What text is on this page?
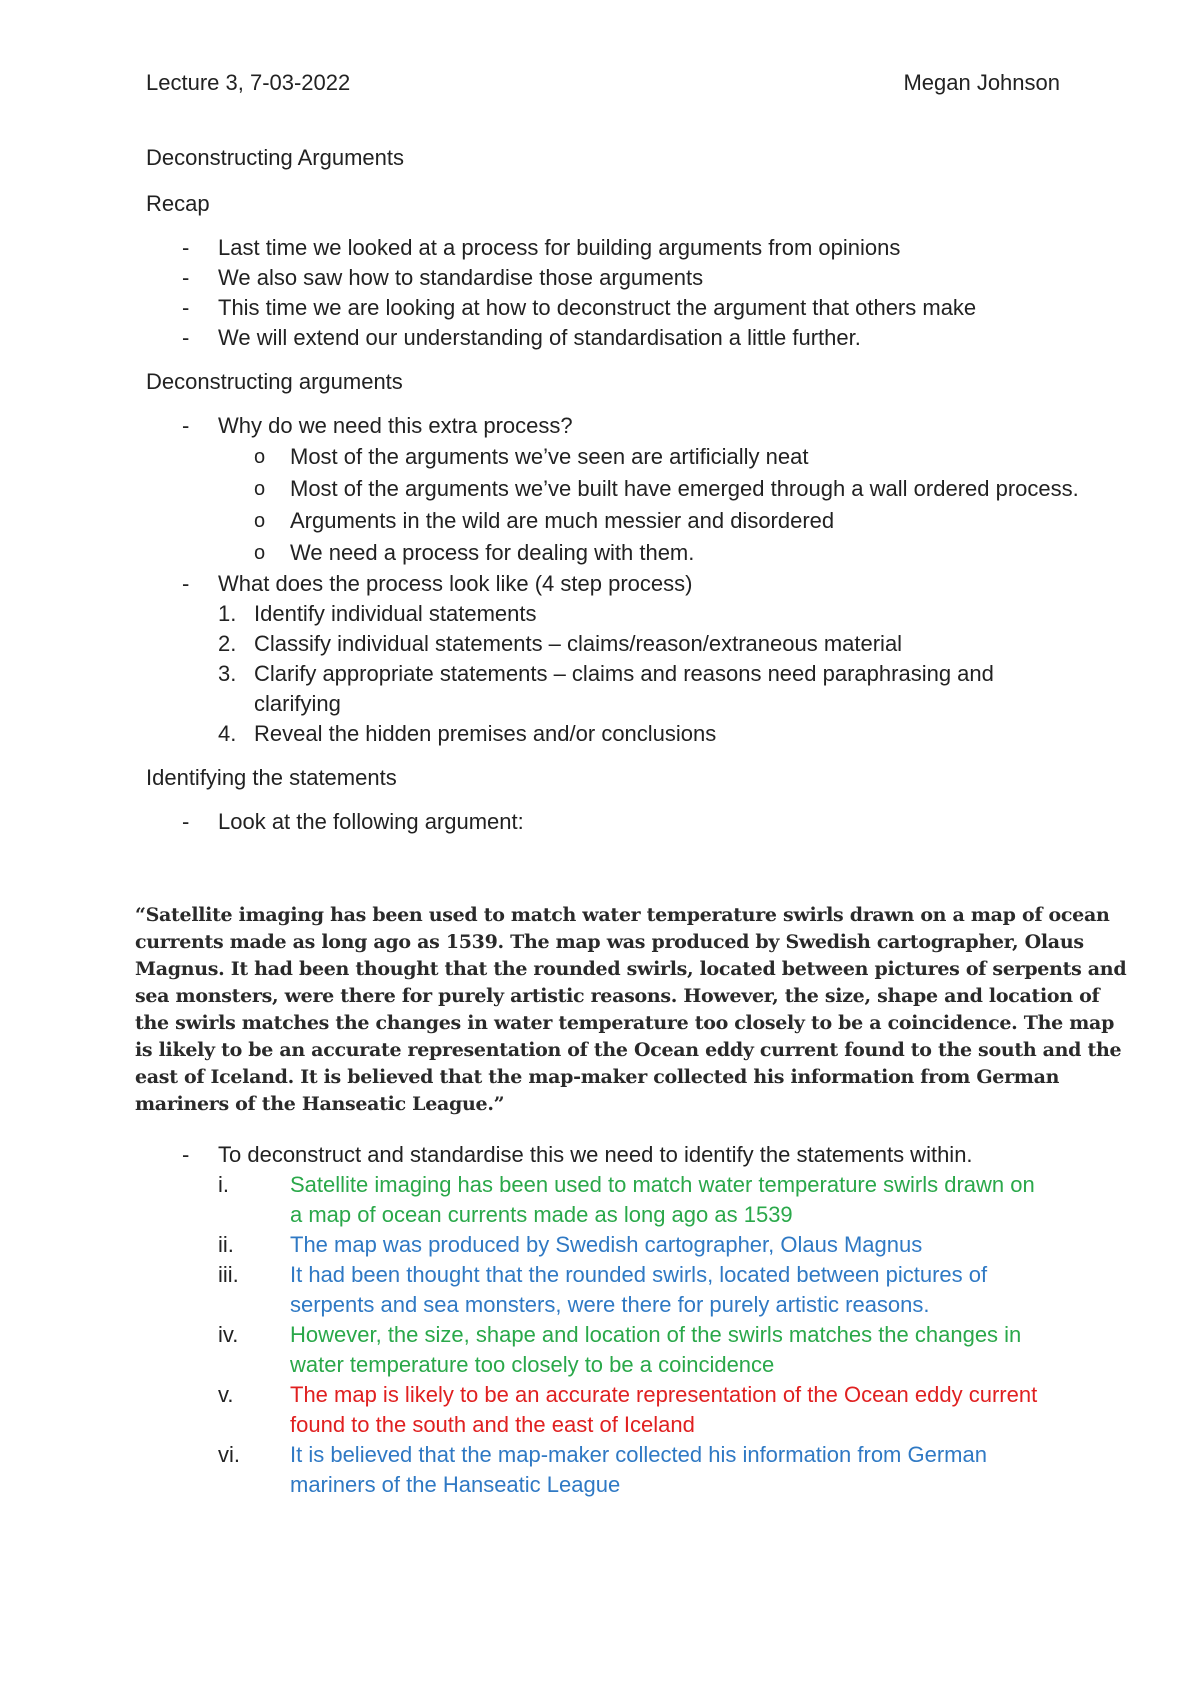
Lecture 3, 7-03-2022	Megan Johnson
Deconstructing Arguments
Recap
- Last time we looked at a process for building arguments from opinions
- We also saw how to standardise those arguments
- This time we are looking at how to deconstruct the argument that others make
- We will extend our understanding of standardisation a little further.
Deconstructing arguments
- Why do we need this extra process?
o Most of the arguments we’ve seen are artificially neat
o Most of the arguments we’ve built have emerged through a wall ordered process.
o Arguments in the wild are much messier and disordered
o We need a process for dealing with them.
- What does the process look like (4 step process)
1. Identify individual statements
2. Classify individual statements – claims/reason/extraneous material
3. Clarify appropriate statements – claims and reasons need paraphrasing and clarifying
4. Reveal the hidden premises and/or conclusions
Identifying the statements
- Look at the following argument:
“Satellite imaging has been used to match water temperature swirls drawn on a map of ocean currents made as long ago as 1539. The map was produced by Swedish cartographer, Olaus Magnus. It had been thought that the rounded swirls, located between pictures of serpents and sea monsters, were there for purely artistic reasons. However, the size, shape and location of the swirls matches the changes in water temperature too closely to be a coincidence. The map is likely to be an accurate representation of the Ocean eddy current found to the south and the east of Iceland. It is believed that the map-maker collected his information from German mariners of the Hanseatic League.”
- To deconstruct and standardise this we need to identify the statements within.
i.	Satellite imaging has been used to match water temperature swirls drawn on a map of ocean currents made as long ago as 1539
ii.	The map was produced by Swedish cartographer, Olaus Magnus
iii. It had been thought that the rounded swirls, located between pictures of serpents and sea monsters, were there for purely artistic reasons.
iv. However, the size, shape and location of the swirls matches the changes in water temperature too closely to be a coincidence
v.	The map is likely to be an accurate representation of the Ocean eddy current found to the south and the east of Iceland
vi. It is believed that the map-maker collected his information from German mariners of the Hanseatic League
